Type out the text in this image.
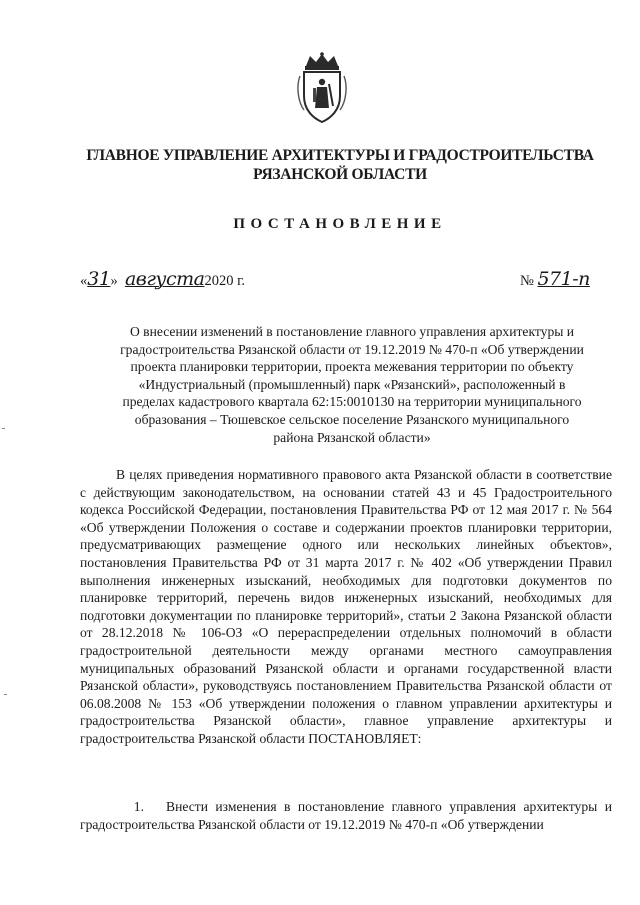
ГЛАВНОЕ УПРАВЛЕНИЕ АРХИТЕКТУРЫ И ГРАДОСТРОИТЕЛЬСТВА
РЯЗАНСКОЙ ОБЛАСТИ
ПОСТАНОВЛЕНИЕ
«31» августа2020 г.	№ 571-п
О внесении изменений в постановление главного управления архитектуры и
градостроительства Рязанской области от 19.12.2019 № 470-п «Об утверждении
проекта планировки территории, проекта межевания территории по объекту
«Индустриальный (промышленный) парк «Рязанский», расположенный в
пределах кадастрового квартала 62:15:0010130 на территории муниципального
образования – Тюшевское сельское поселение Рязанского муниципального
района Рязанской области»

В целях приведения нормативного правового акта Рязанской области в соответствие с действующим законодательством, на основании статей 43 и 45 Градостроительного кодекса Российской Федерации, постановления Правительства РФ от 12 мая 2017 г. № 564 «Об утверждении Положения о составе и содержании проектов планировки территории, предусматривающих размещение одного или нескольких линейных объектов», постановления Правительства РФ от 31 марта 2017 г. № 402 «Об утверждении Правил выполнения инженерных изысканий, необходимых для подготовки документов по планировке территорий, перечень видов инженерных изысканий, необходимых для подготовки документации по планировке территорий», статьи 2 Закона Рязанской области от 28.12.2018 № 106-ОЗ «О перераспределении отдельных полномочий в области градостроительной деятельности между органами местного самоуправления муниципальных образований Рязанской области и органами государственной власти Рязанской области», руководствуясь постановлением Правительства Рязанской области от 06.08.2008 № 153 «Об утверждении положения о главном управлении архитектуры и градостроительства Рязанской области», главное управление архитектуры и градостроительства Рязанской области ПОСТАНОВЛЯЕТ:

1. Внести изменения в постановление главного управления архитектуры и градостроительства Рязанской области от 19.12.2019 № 470-п «Об утверждении
